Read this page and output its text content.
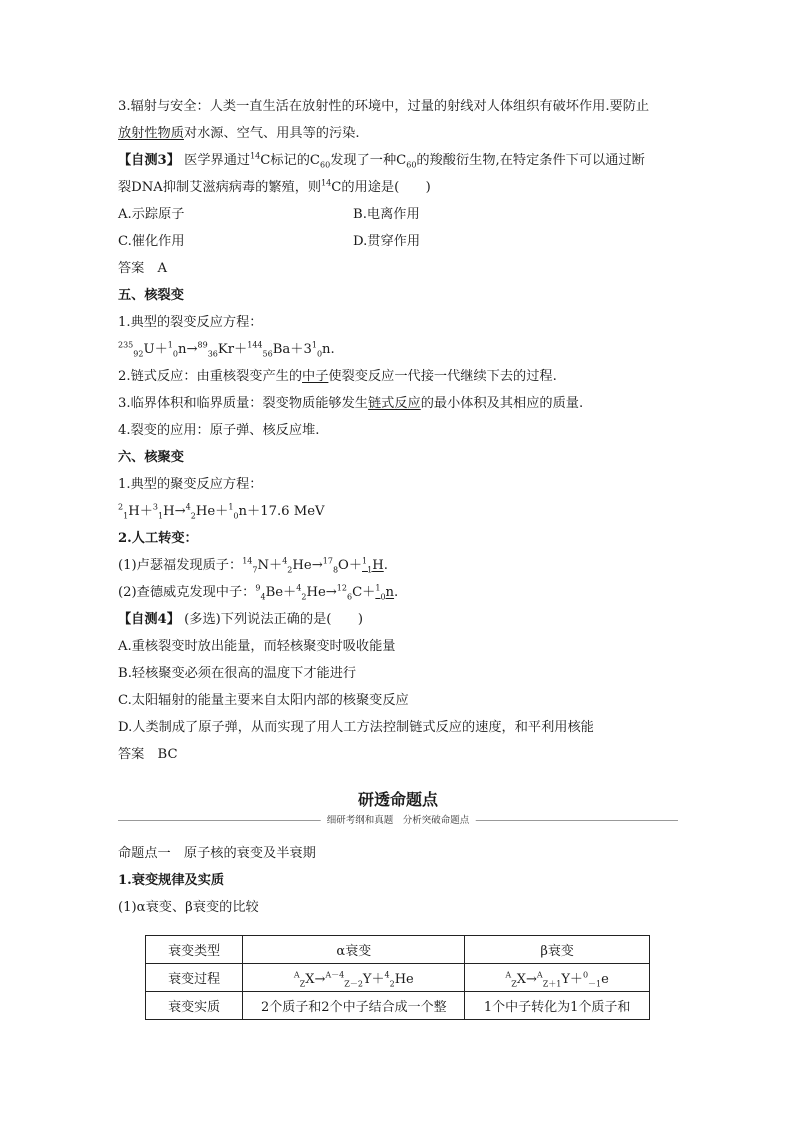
3.辐射与安全：人类一直生活在放射性的环境中，过量的射线对人体组织有破坏作用.要防止
放射性物质对水源、空气、用具等的污染.
【自测3】 医学界通过$^{14}$C标记的$C_{60}$发现了一种$C_{60}$的羧酸衍生物,在特定条件下可以通过断
裂DNA抑制艾滋病病毒的繁殖，则$^{14}$C的用途是(　　)
A.示踪原子	B.电离作用
C.催化作用	D.贯穿作用
答案　A
五、核裂变
1.典型的裂变反应方程：
$^{235}_{92}U+^1_0n\to^{89}_{36}Kr+^{144}_{56}Ba+3^1_0n$.
2.链式反应：由重核裂变产生的中子使裂变反应一代接一代继续下去的过程.
3.临界体积和临界质量：裂变物质能够发生链式反应的最小体积及其相应的质量.
4.裂变的应用：原子弹、核反应堆.
六、核聚变
1.典型的聚变反应方程：
$^2_1$H＋$^3_1$H→$^4_2$He＋$^1_0$n＋17.6 MeV
2.人工转变：
(1)卢瑟福发现质子：$^{14}_7$N＋$^4_2$He→$^{17}_8$O＋$^1_1$H.
(2)查德威克发现中子：$^9_4$Be＋$^4_2$He→$^{12}_6$C＋$^1_0$n.
【自测4】 (多选)下列说法正确的是(　　)
A.重核裂变时放出能量，而轻核聚变时吸收能量
B.轻核聚变必须在很高的温度下才能进行
C.太阳辐射的能量主要来自太阳内部的核聚变反应
D.人类制成了原子弹，从而实现了用人工方法控制链式反应的速度，和平利用核能
答案　BC
研透命题点
细研考纲和真题　分析突破命题点
命题点一　原子核的衰变及半衰期
1.衰变规律及实质
(1)α衰变、β衰变的比较
衰变类型	α衰变	β衰变
衰变过程	$^A_Z$X→$^{A-4}_{Z-2}$Y＋$^4_2$He	$^A_Z$X→$^A_{Z+1}$Y＋$^0_{-1}$e
衰变实质	2个质子和2个中子结合成一个整	1个中子转化为1个质子和
